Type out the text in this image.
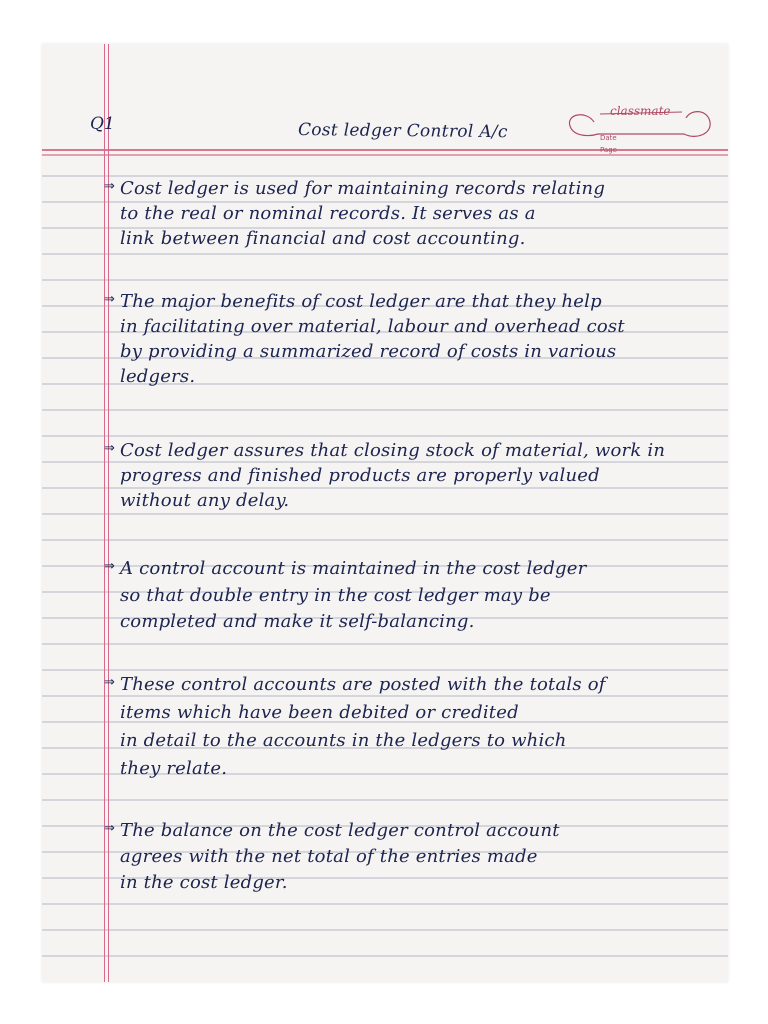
classmate
Date
Page
Q1	Cost ledger Control A/c
⇒ Cost ledger is used for maintaining records relating
to the real or nominal records. It serves as a
link between financial and cost accounting.
⇒ The major benefits of cost ledger are that they help
in facilitating over material, labour and overhead cost
by providing a summarized record of costs in various
ledgers.
⇒ Cost ledger assures that closing stock of material, work in
progress and finished products are properly valued
without any delay.
⇒ A control account is maintained in the cost ledger
so that double entry in the cost ledger may be
completed and make it self-balancing.
⇒ These control accounts are posted with the totals of
items which have been debited or credited
in detail to the accounts in the ledgers to which
they relate.
⇒ The balance on the cost ledger control account
agrees with the net total of the entries made
in the cost ledger.
